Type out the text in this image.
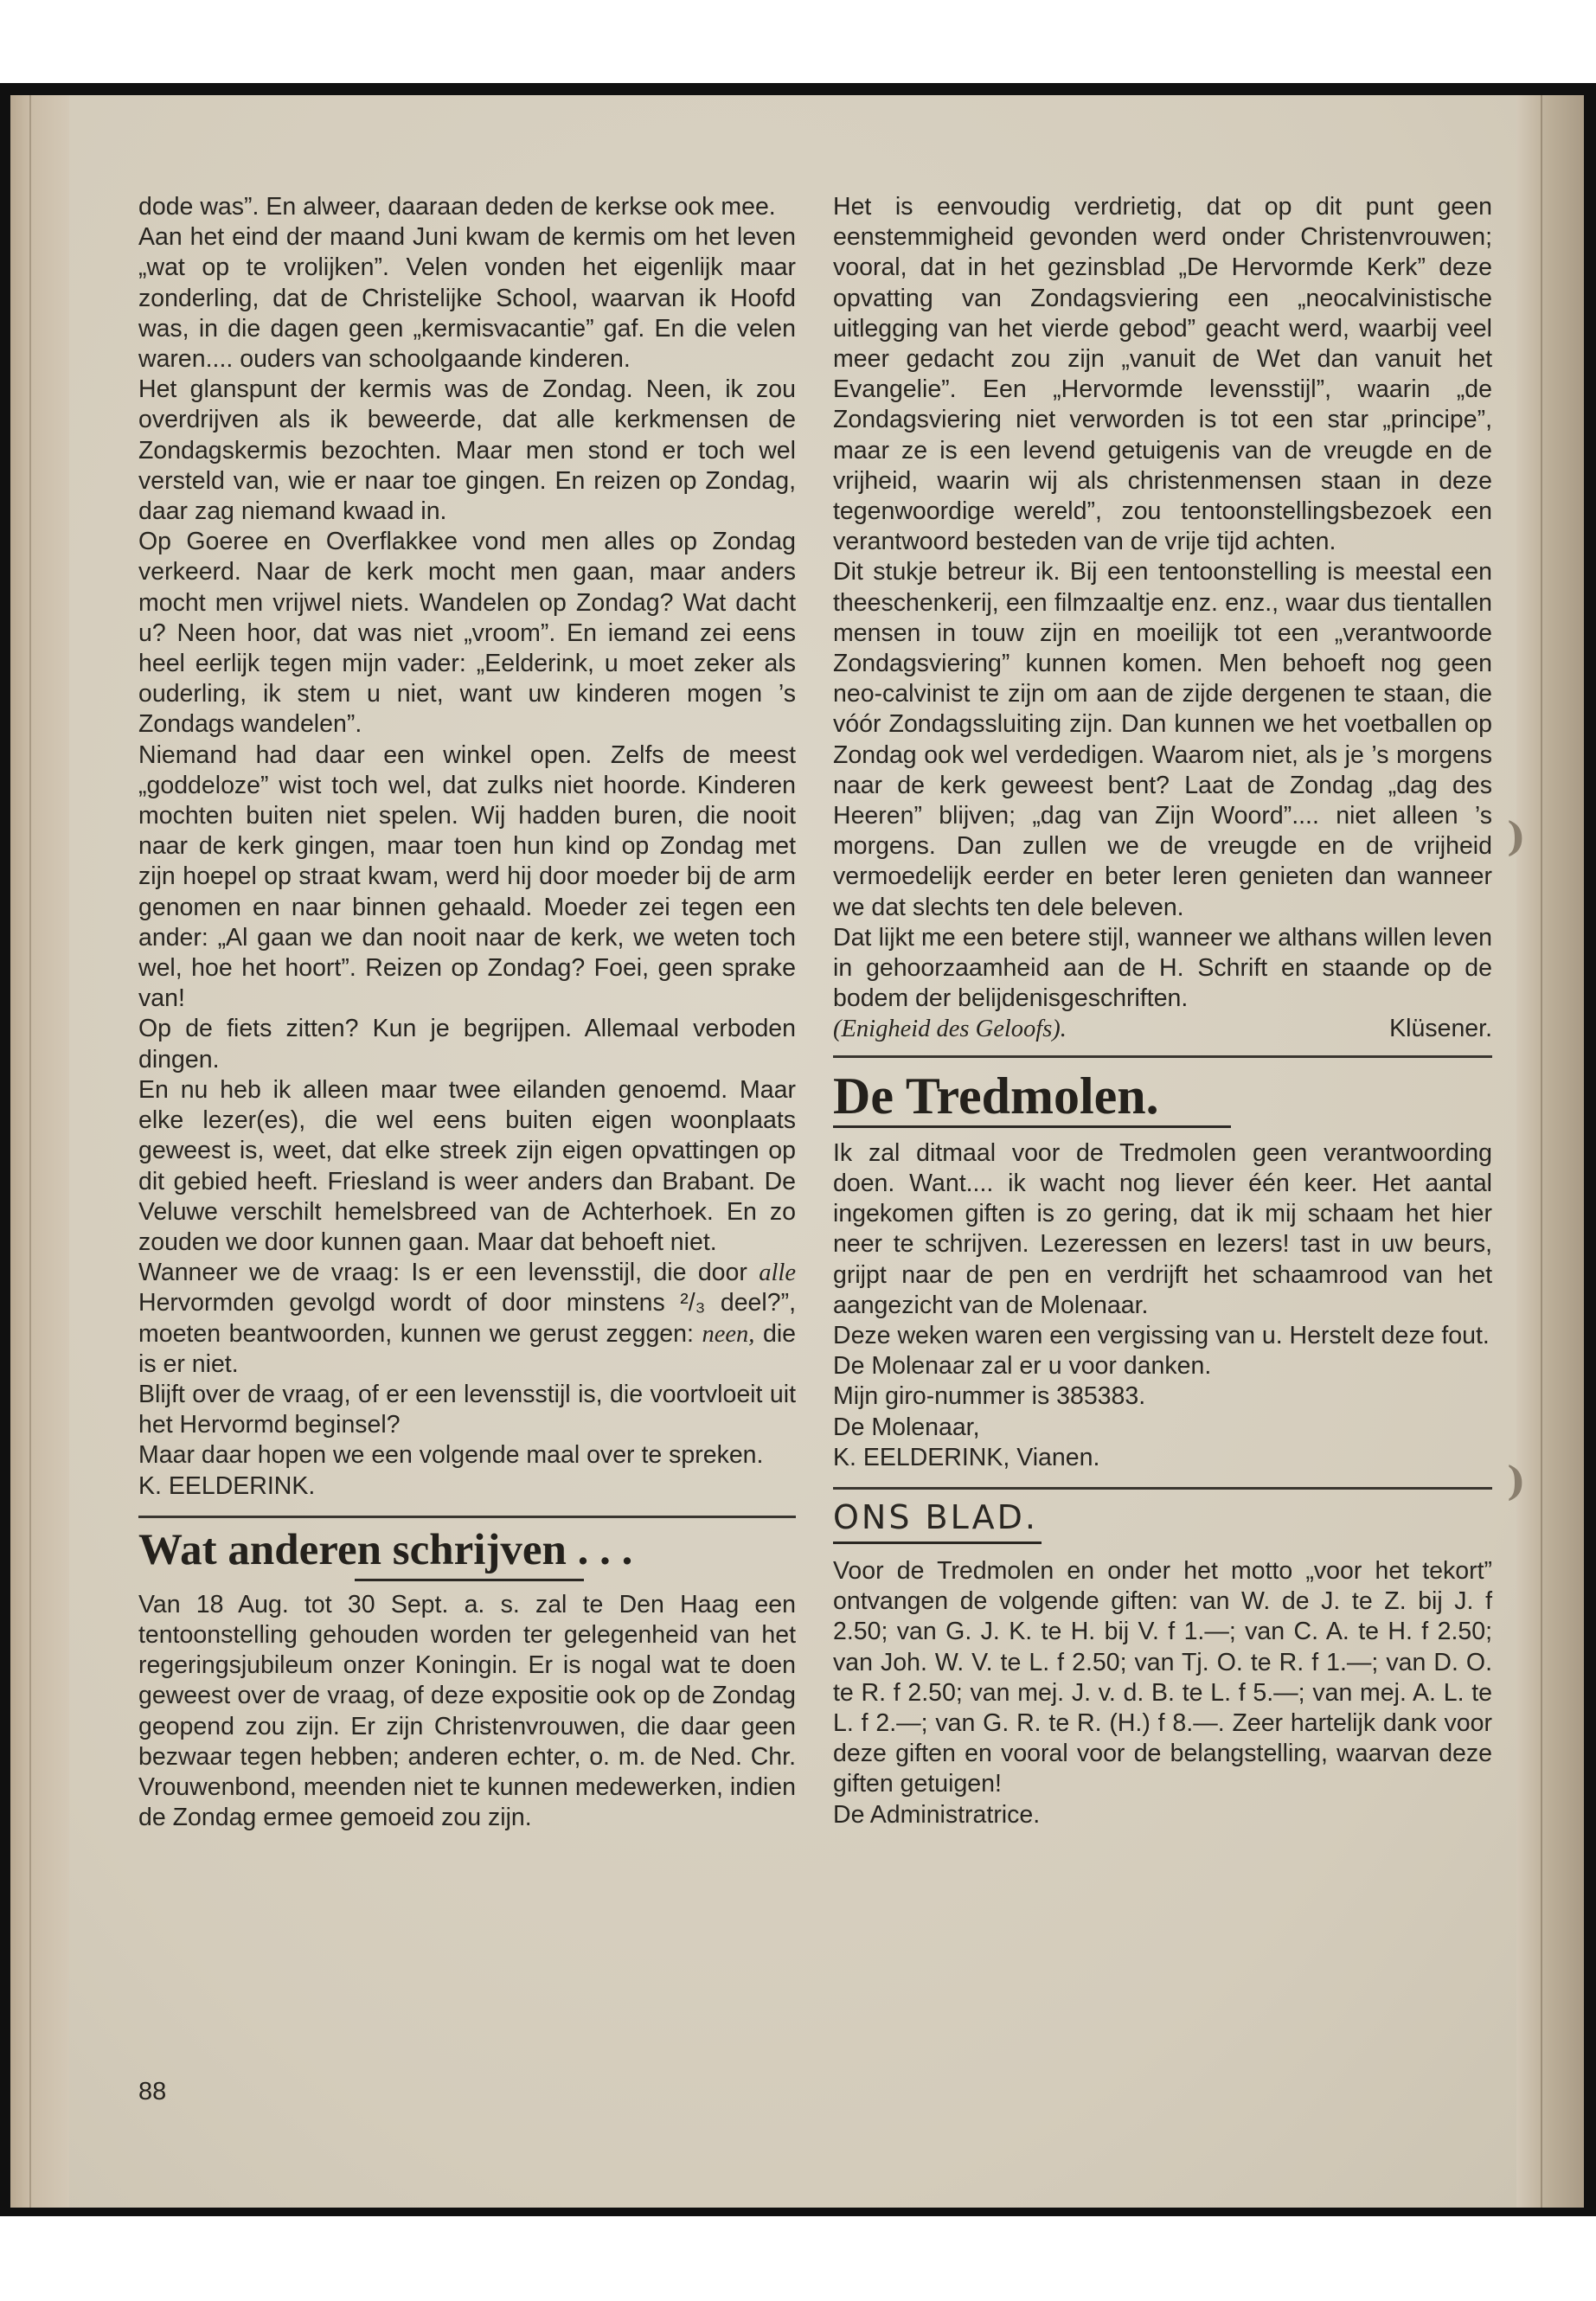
dode was”. En alweer, daaraan deden de kerkse ook mee.

Aan het eind der maand Juni kwam de kermis om het leven „wat op te vrolijken”. Velen vonden het eigenlijk maar zonderling, dat de Christelijke School, waarvan ik Hoofd was, in die dagen geen „kermisvacantie” gaf. En die velen waren.... ouders van schoolgaande kinderen.

Het glanspunt der kermis was de Zondag. Neen, ik zou overdrijven als ik beweerde, dat alle kerkmensen de Zondagskermis bezochten. Maar men stond er toch wel versteld van, wie er naar toe gingen. En reizen op Zondag, daar zag niemand kwaad in.

Op Goeree en Overflakkee vond men alles op Zondag verkeerd. Naar de kerk mocht men gaan, maar anders mocht men vrijwel niets. Wandelen op Zondag? Wat dacht u? Neen hoor, dat was niet „vroom”. En iemand zei eens heel eerlijk tegen mijn vader: „Eelderink, u moet zeker als ouderling, ik stem u niet, want uw kinderen mogen ’s Zondags wandelen”.

Niemand had daar een winkel open. Zelfs de meest „goddeloze” wist toch wel, dat zulks niet hoorde. Kinderen mochten buiten niet spelen. Wij hadden buren, die nooit naar de kerk gingen, maar toen hun kind op Zondag met zijn hoepel op straat kwam, werd hij door moeder bij de arm genomen en naar binnen gehaald. Moeder zei tegen een ander: „Al gaan we dan nooit naar de kerk, we weten toch wel, hoe het hoort”. Reizen op Zondag? Foei, geen sprake van!

Op de fiets zitten? Kun je begrijpen. Allemaal verboden dingen.

En nu heb ik alleen maar twee eilanden genoemd. Maar elke lezer(es), die wel eens buiten eigen woonplaats geweest is, weet, dat elke streek zijn eigen opvattingen op dit gebied heeft. Friesland is weer anders dan Brabant. De Veluwe verschilt hemelsbreed van de Achterhoek. En zo zouden we door kunnen gaan. Maar dat behoeft niet.

Wanneer we de vraag: Is er een levensstijl, die door alle Hervormden gevolgd wordt of door minstens ²/₃ deel?”, moeten beantwoorden, kunnen we gerust zeggen: neen, die is er niet.

Blijft over de vraag, of er een levensstijl is, die voortvloeit uit het Hervormd beginsel?

Maar daar hopen we een volgende maal over te spreken.

K. EELDERINK.

Wat anderen schrijven . . .

Van 18 Aug. tot 30 Sept. a. s. zal te Den Haag een tentoonstelling gehouden worden ter gelegenheid van het regeringsjubileum onzer Koningin. Er is nogal wat te doen geweest over de vraag, of deze expositie ook op de Zondag geopend zou zijn. Er zijn Christenvrouwen, die daar geen bezwaar tegen hebben; anderen echter, o. m. de Ned. Chr. Vrouwenbond, meenden niet te kunnen medewerken, indien de Zondag ermee gemoeid zou zijn.

Het is eenvoudig verdrietig, dat op dit punt geen eenstemmigheid gevonden werd onder Christenvrouwen; vooral, dat in het gezinsblad „De Hervormde Kerk” deze opvatting van Zondagsviering een „neocalvinistische uitlegging van het vierde gebod” geacht werd, waarbij veel meer gedacht zou zijn „vanuit de Wet dan vanuit het Evangelie”. Een „Hervormde levensstijl”, waarin „de Zondagsviering niet verworden is tot een star „principe”, maar ze is een levend getuigenis van de vreugde en de vrijheid, waarin wij als christenmensen staan in deze tegenwoordige wereld”, zou tentoonstellingsbezoek een verantwoord besteden van de vrije tijd achten.

Dit stukje betreur ik. Bij een tentoonstelling is meestal een theeschenkerij, een filmzaaltje enz. enz., waar dus tientallen mensen in touw zijn en moeilijk tot een „verantwoorde Zondagsviering” kunnen komen. Men behoeft nog geen neo-calvinist te zijn om aan de zijde dergenen te staan, die vóór Zondagssluiting zijn. Dan kunnen we het voetballen op Zondag ook wel verdedigen. Waarom niet, als je ’s morgens naar de kerk geweest bent? Laat de Zondag „dag des Heeren” blijven; „dag van Zijn Woord”.... niet alleen ’s morgens. Dan zullen we de vreugde en de vrijheid vermoedelijk eerder en beter leren genieten dan wanneer we dat slechts ten dele beleven.

Dat lijkt me een betere stijl, wanneer we althans willen leven in gehoorzaamheid aan de H. Schrift en staande op de bodem der belijdenisgeschriften.

(Enigheid des Geloofs).	Klüsener.
De Tredmolen.

Ik zal ditmaal voor de Tredmolen geen verantwoording doen. Want.... ik wacht nog liever één keer. Het aantal ingekomen giften is zo gering, dat ik mij schaam het hier neer te schrijven. Lezeressen en lezers! tast in uw beurs, grijpt naar de pen en verdrijft het schaamrood van het aangezicht van de Molenaar.

Deze weken waren een vergissing van u. Herstelt deze fout.

De Molenaar zal er u voor danken.

Mijn giro-nummer is 385383.

De Molenaar,

K. EELDERINK, Vianen.

ONS BLAD.

Voor de Tredmolen en onder het motto „voor het tekort” ontvangen de volgende giften: van W. de J. te Z. bij J. f 2.50; van G. J. K. te H. bij V. f 1.—; van C. A. te H. f 2.50; van Joh. W. V. te L. f 2.50; van Tj. O. te R. f 1.—; van D. O. te R. f 2.50; van mej. J. v. d. B. te L. f 5.—; van mej. A. L. te L. f 2.—; van G. R. te R. (H.) f 8.—. Zeer hartelijk dank voor deze giften en vooral voor de belangstelling, waarvan deze giften getuigen!

De Administratrice.

88
)
)
